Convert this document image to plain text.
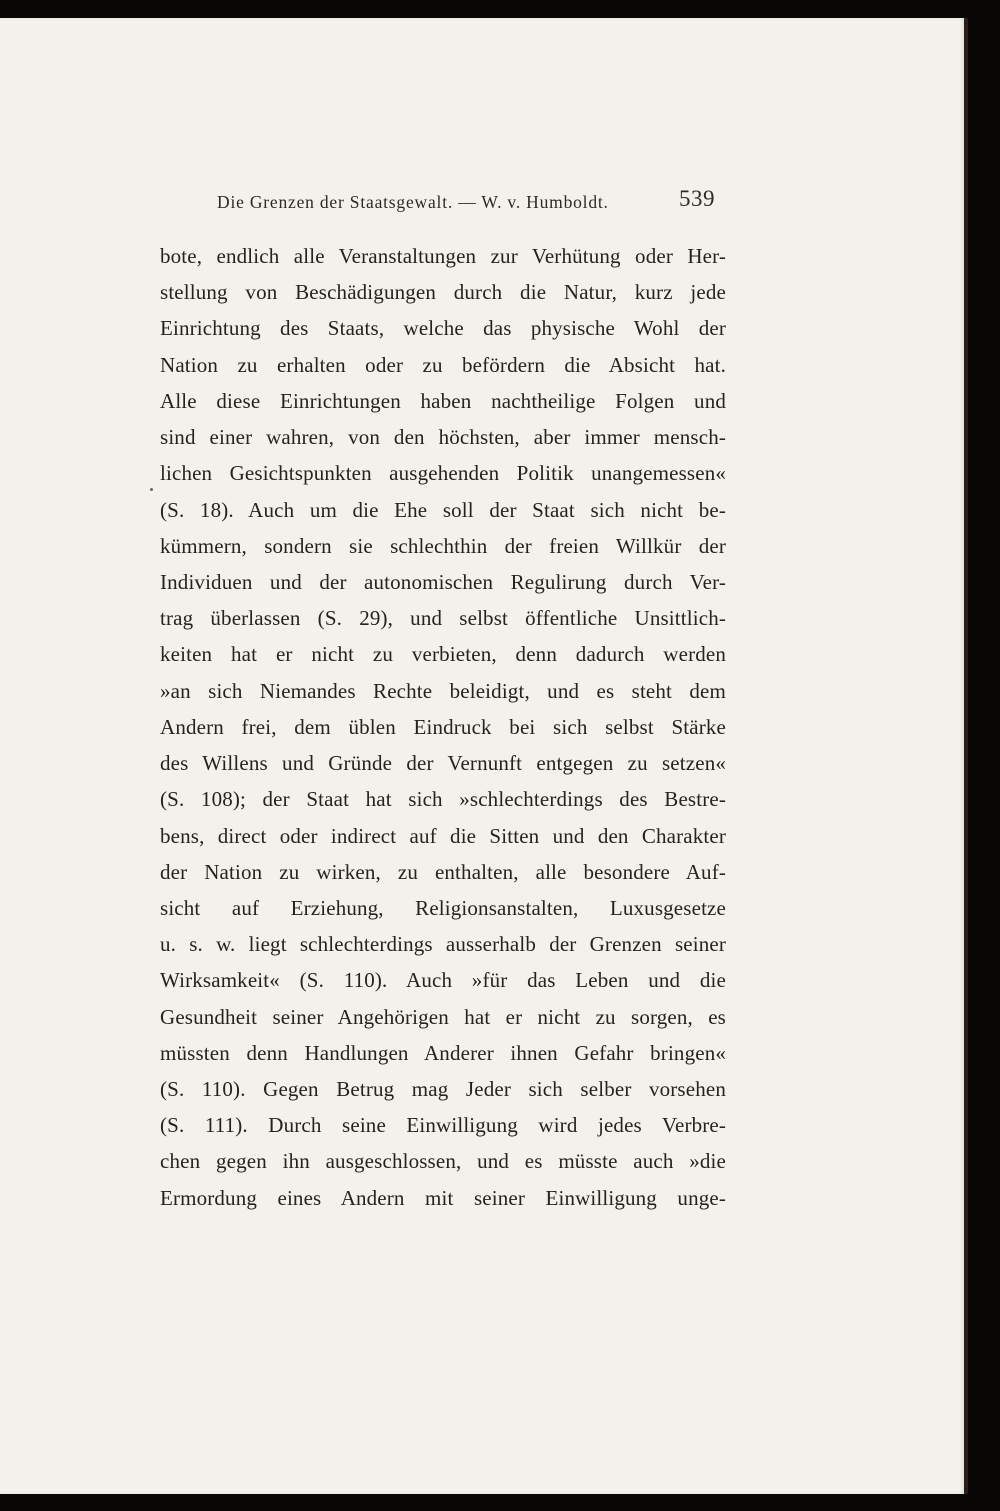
Die Grenzen der Staatsgewalt. — W. v. Humboldt.	539
bote, endlich alle Veranstaltungen zur Verhütung oder Her-
stellung von Beschädigungen durch die Natur, kurz jede
Einrichtung des Staats, welche das physische Wohl der
Nation zu erhalten oder zu befördern die Absicht hat.
Alle diese Einrichtungen haben nachtheilige Folgen und
sind einer wahren, von den höchsten, aber immer mensch-
lichen Gesichtspunkten ausgehenden Politik unangemessen«
(S. 18). Auch um die Ehe soll der Staat sich nicht be-
kümmern, sondern sie schlechthin der freien Willkür der
Individuen und der autonomischen Regulirung durch Ver-
trag überlassen (S. 29), und selbst öffentliche Unsittlich-
keiten hat er nicht zu verbieten, denn dadurch werden
»an sich Niemandes Rechte beleidigt, und es steht dem
Andern frei, dem üblen Eindruck bei sich selbst Stärke
des Willens und Gründe der Vernunft entgegen zu setzen«
(S. 108); der Staat hat sich »schlechterdings des Bestre-
bens, direct oder indirect auf die Sitten und den Charakter
der Nation zu wirken, zu enthalten, alle besondere Auf-
sicht auf Erziehung, Religionsanstalten, Luxusgesetze
u. s. w. liegt schlechterdings ausserhalb der Grenzen seiner
Wirksamkeit« (S. 110). Auch »für das Leben und die
Gesundheit seiner Angehörigen hat er nicht zu sorgen, es
müssten denn Handlungen Anderer ihnen Gefahr bringen«
(S. 110). Gegen Betrug mag Jeder sich selber vorsehen
(S. 111). Durch seine Einwilligung wird jedes Verbre-
chen gegen ihn ausgeschlossen, und es müsste auch »die
Ermordung eines Andern mit seiner Einwilligung unge-
